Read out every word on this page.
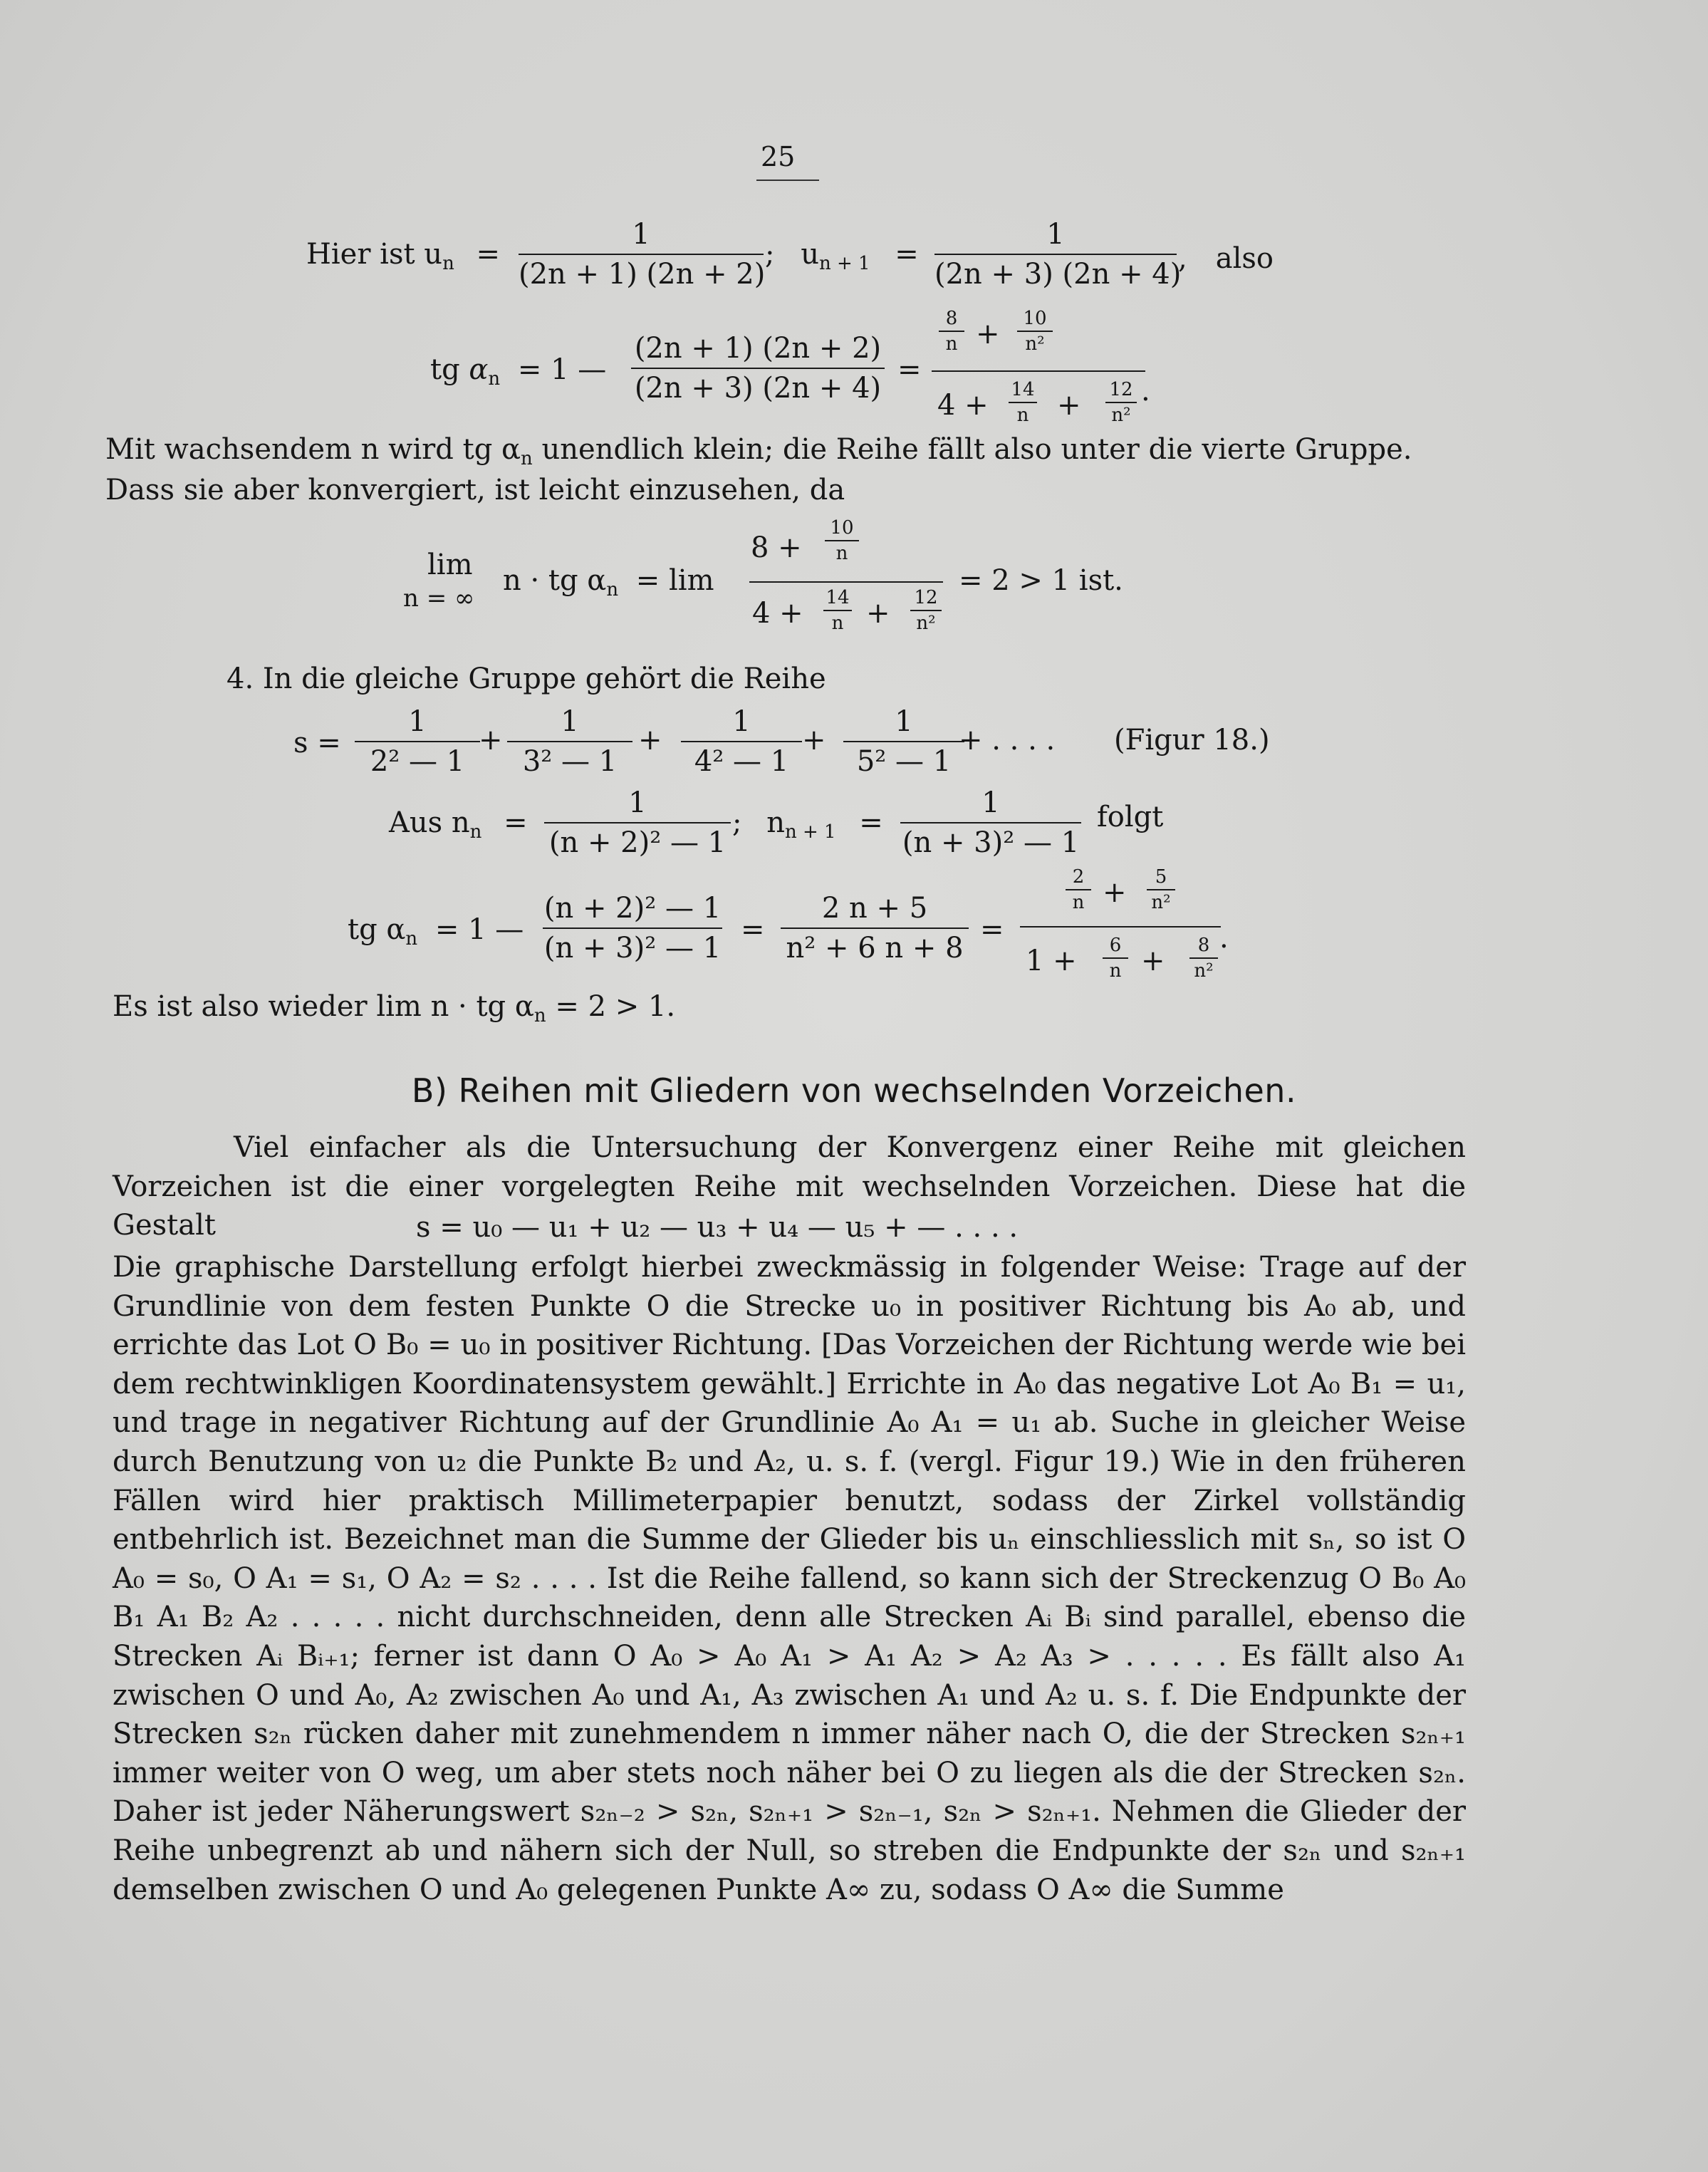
25
Hier ist $u_n$ =
1
(2n + 1) (2n + 2)
; $u_{n + 1}$ =
1
(2n + 3) (2n + 4)
, also
tg $\alpha_n = 1$ —
(2n + 1) (2n + 2)
(2n + 3) (2n + 4)
=
8
n +	10
n²
4 + 14
n + 12
n²
.
Mit wachsendem n wird tg $\alpha_n$ unendlich klein; die Reihe fällt also unter die vierte Gruppe.
Dass sie aber konvergiert, ist leicht einzusehen, da
lim
n = ∞
n · tg $\alpha_n = \lim$
8 +
10
n
4 + 14
n + 12
n²
= 2 > 1 ist.
4. In die gleiche Gruppe gehört die Reihe
s =
1
2² — 1
+
1
3² — 1
+
1
4² — 1
+
1
5² — 1
+ . . . . (Figur 18.)
Aus $n_n$ =
1
(n + 2)² — 1
; $n_{n + 1}$ =
1
(n + 3)² — 1
folgt
tg $\alpha_n = 1$ —
(n + 2)² — 1
(n + 3)² — 1
=
2 n + 5
n² + 6 n + 8
=
2
n +	5
n²
1 +	6
n +	8
n²
.
Es ist also wieder lim n · tg $\alpha_n = 2 > 1$.
B) Reihen mit Gliedern von wechselnden Vorzeichen.
Viel einfacher als die Untersuchung der Konvergenz einer Reihe mit gleichen Vorzeichen ist die einer vorgelegten Reihe mit wechselnden Vorzeichen. Diese hat die Gestalt	s = u₀ — u₁ + u₂ — u₃ + u₄ — u₅ + — . . . .
Die graphische Darstellung erfolgt hierbei zweckmässig in folgender Weise: Trage auf der Grundlinie von dem festen Punkte O die Strecke u₀ in positiver Richtung bis A₀ ab, und errichte das Lot O B₀ = u₀ in positiver Richtung. [Das Vorzeichen der Richtung werde wie bei dem rechtwinkligen Koordinatensystem gewählt.] Errichte in A₀ das negative Lot A₀ B₁ = u₁, und trage in negativer Richtung auf der Grundlinie A₀ A₁ = u₁ ab. Suche in gleicher Weise durch Benutzung von u₂ die Punkte B₂ und A₂, u. s. f. (vergl. Figur 19.) Wie in den früheren Fällen wird hier praktisch Millimeterpapier benutzt, sodass der Zirkel vollständig entbehrlich ist. Bezeichnet man die Summe der Glieder bis uₙ einschliesslich mit sₙ, so ist O A₀ = s₀, O A₁ = s₁, O A₂ = s₂ . . . . Ist die Reihe fallend, so kann sich der Streckenzug O B₀ A₀ B₁ A₁ B₂ A₂ . . . . . nicht durchschneiden, denn alle Strecken Aᵢ Bᵢ sind parallel, ebenso die Strecken Aᵢ Bᵢ₊₁; ferner ist dann O A₀ > A₀ A₁ > A₁ A₂ > A₂ A₃ > . . . . . Es fällt also A₁ zwischen O und A₀, A₂ zwischen A₀ und A₁, A₃ zwischen A₁ und A₂ u. s. f. Die Endpunkte der Strecken s₂ₙ rücken daher mit zunehmendem n immer näher nach O, die der Strecken s₂ₙ₊₁ immer weiter von O weg, um aber stets noch näher bei O zu liegen als die der Strecken s₂ₙ. Daher ist jeder Näherungswert s₂ₙ₋₂ > s₂ₙ, s₂ₙ₊₁ > s₂ₙ₋₁, s₂ₙ > s₂ₙ₊₁. Nehmen die Glieder der Reihe unbegrenzt ab und nähern sich der Null, so streben die Endpunkte der s₂ₙ und s₂ₙ₊₁ demselben zwischen O und A₀ gelegenen Punkte A∞ zu, sodass O A∞ die Summe
